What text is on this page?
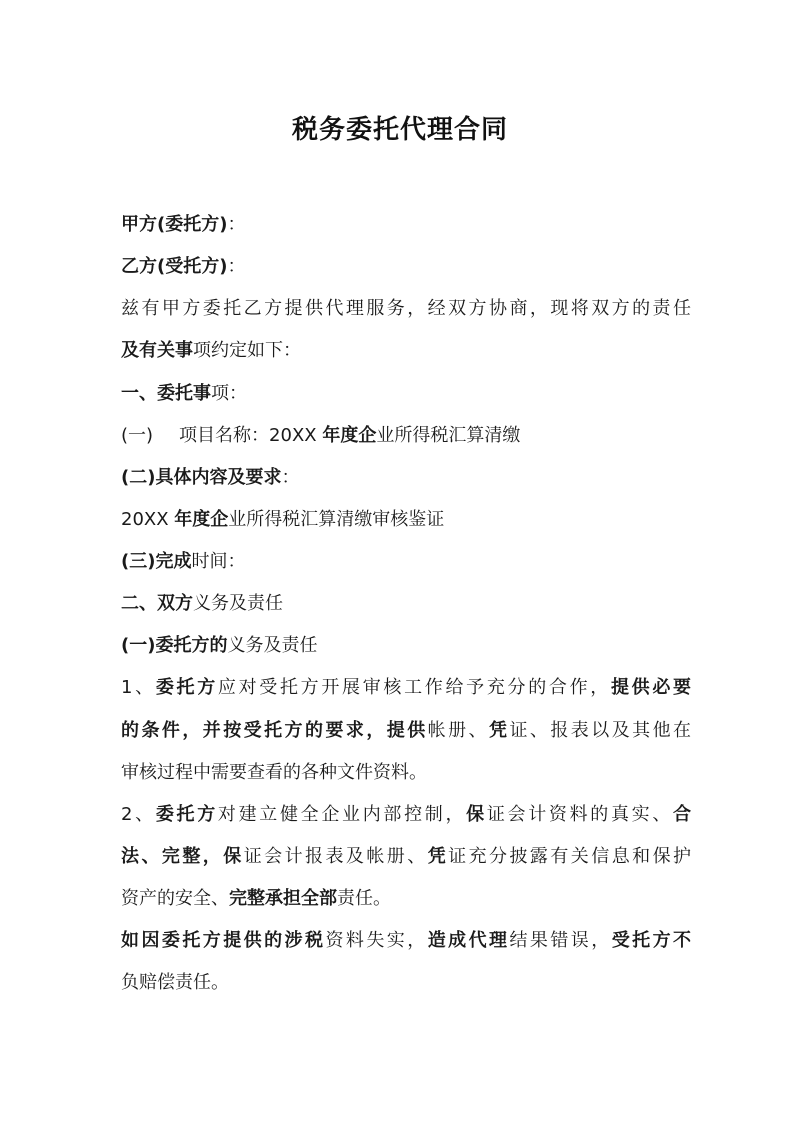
税务委托代理合同
甲方(委托方)：
乙方(受托方)：
兹有甲方委托乙方提供代理服务，经双方协商，现将双方的责任
及有关事项约定如下：
一、委托事项：
(一) 项目名称：20XX 年度企业所得税汇算清缴
(二)具体内容及要求：
20XX 年度企业所得税汇算清缴审核鉴证
(三)完成时间：
二、双方义务及责任
(一)委托方的义务及责任
1、委托方应对受托方开展审核工作给予充分的合作，提供必要
的条件，并按受托方的要求，提供帐册、凭证、报表以及其他在
审核过程中需要查看的各种文件资料。
2、委托方对建立健全企业内部控制，保证会计资料的真实、合
法、完整，保证会计报表及帐册、凭证充分披露有关信息和保护
资产的安全、完整承担全部责任。
如因委托方提供的涉税资料失实，造成代理结果错误，受托方不
负赔偿责任。
